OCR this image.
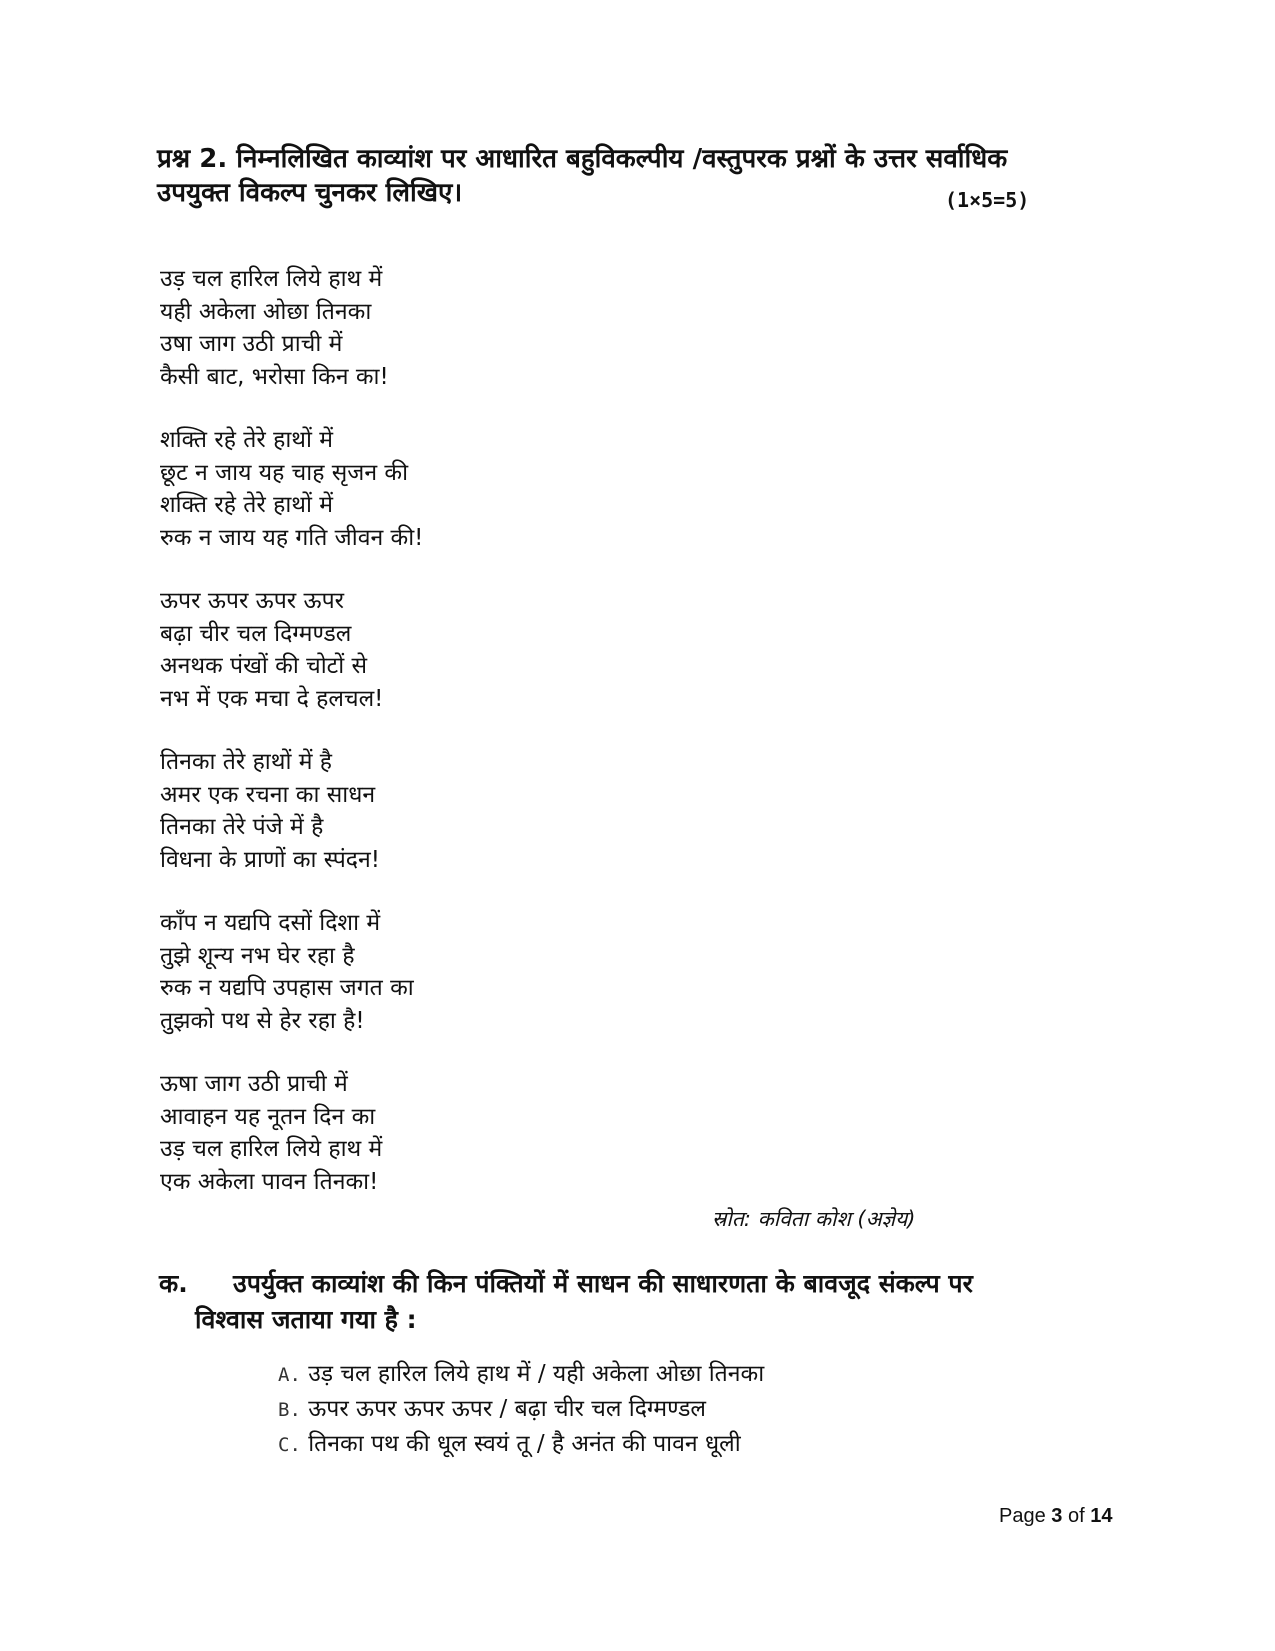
प्रश्न 2. निम्नलिखित काव्यांश पर आधारित बहुविकल्पीय /वस्तुपरक प्रश्नों के उत्तर सर्वाधिक
उपयुक्त विकल्प चुनकर लिखिए।	(1×5=5)
उड़ चल हारिल लिये हाथ में
यही अकेला ओछा तिनका
उषा जाग उठी प्राची में
कैसी बाट, भरोसा किन का!
शक्ति रहे तेरे हाथों में
छूट न जाय यह चाह सृजन की
शक्ति रहे तेरे हाथों में
रुक न जाय यह गति जीवन की!
ऊपर ऊपर ऊपर ऊपर
बढ़ा चीर चल दिग्मण्डल
अनथक पंखों की चोटों से
नभ में एक मचा दे हलचल!
तिनका तेरे हाथों में है
अमर एक रचना का साधन
तिनका तेरे पंजे में है
विधना के प्राणों का स्पंदन!
काँप न यद्यपि दसों दिशा में
तुझे शून्य नभ घेर रहा है
रुक न यद्यपि उपहास जगत का
तुझको पथ से हेर रहा है!
ऊषा जाग उठी प्राची में
आवाहन यह नूतन दिन का
उड़ चल हारिल लिये हाथ में
एक अकेला पावन तिनका!
स्रोत: कविता कोश (अज्ञेय)
क. उपर्युक्त काव्यांश की किन पंक्तियों में साधन की साधारणता के बावजूद संकल्प पर
विश्वास जताया गया है :
A. उड़ चल हारिल लिये हाथ में / यही अकेला ओछा तिनका
B. ऊपर ऊपर ऊपर ऊपर / बढ़ा चीर चल दिग्मण्डल
C. तिनका पथ की धूल स्वयं तू / है अनंत की पावन धूली
Page 3 of 14
